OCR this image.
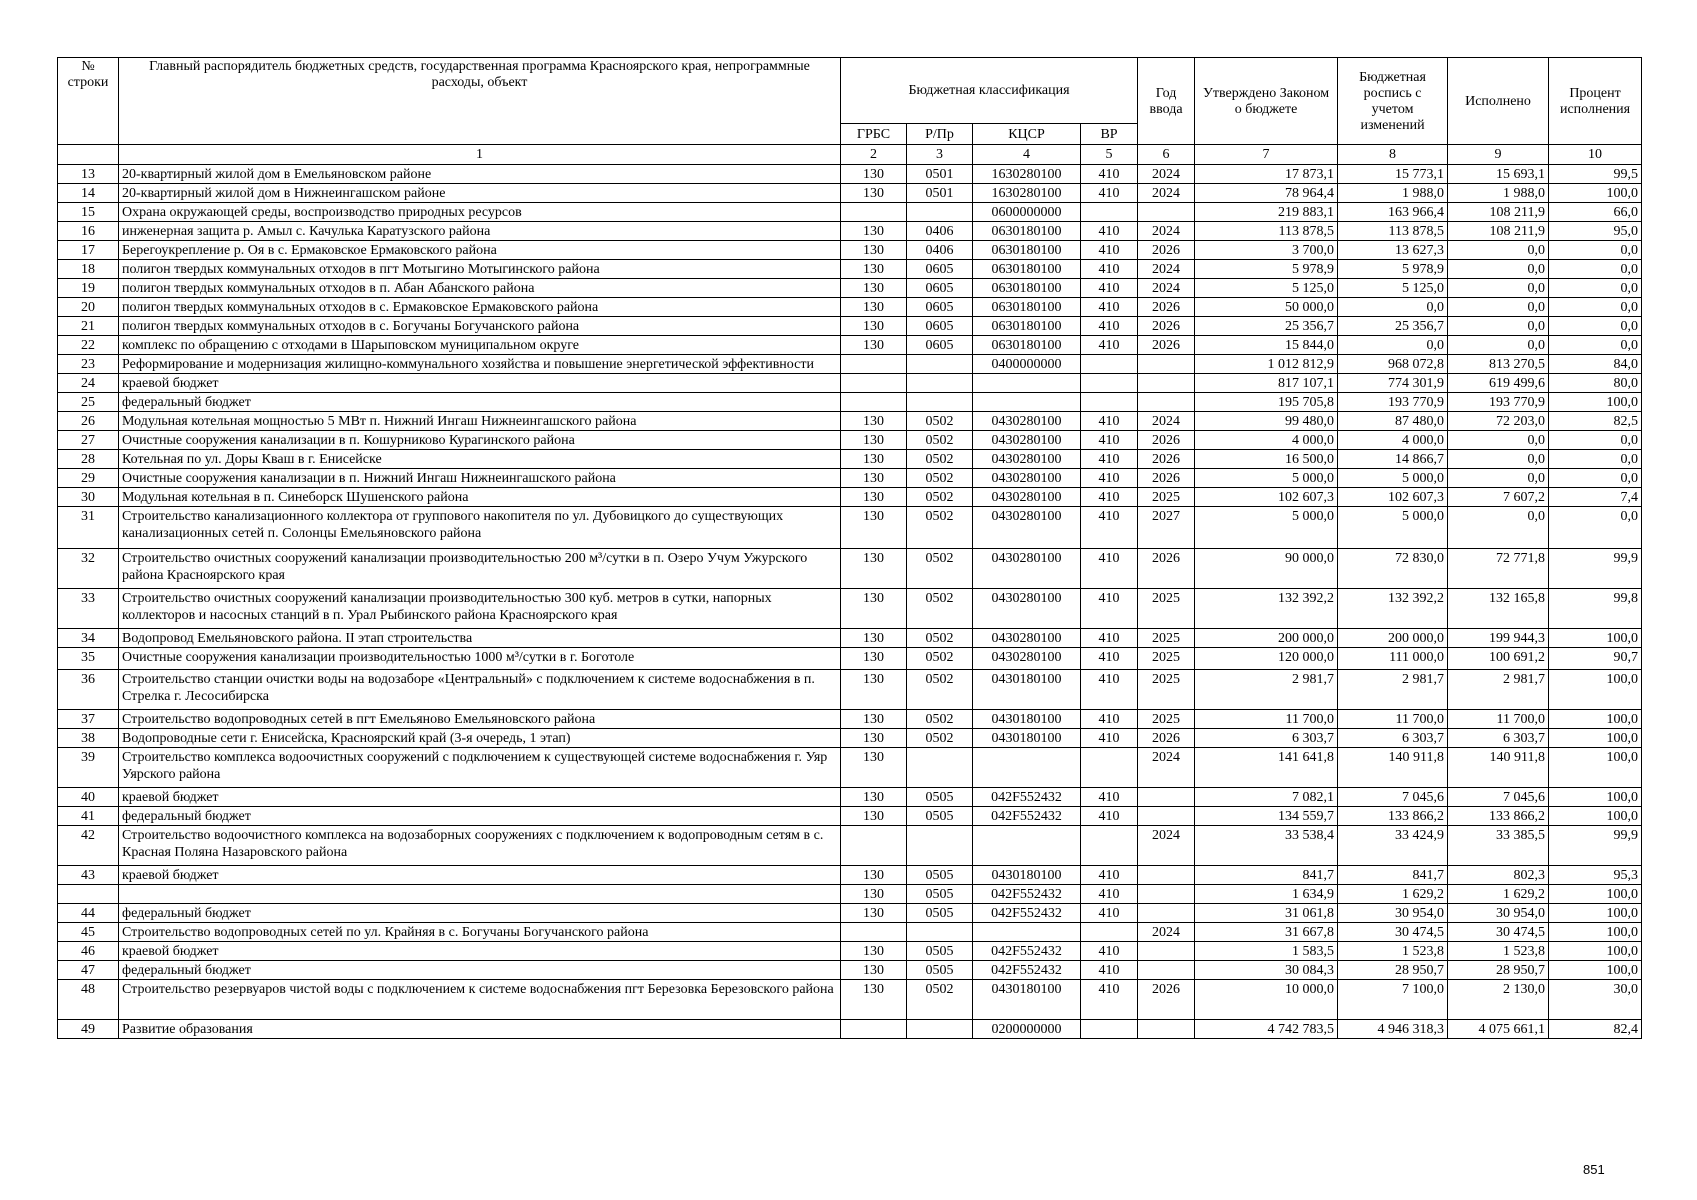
№ строки	Главный распорядитель бюджетных средств, государственная программа Красноярского края, непрограммные расходы, объект	Бюджетная классификация				Год ввода	Утверждено Законом о бюджете	Бюджетная роспись с учетом изменений	Исполнено	Процент исполнения
		ГРБС	Р/Пр	КЦСР	ВР					
	1	2	3	4	5	6	7	8	9	10
13	20-квартирный жилой дом в Емельяновском районе	130	0501	1630280100	410	2024	17 873,1	15 773,1	15 693,1	99,5
14	20-квартирный жилой дом в Нижнеингашском районе	130	0501	1630280100	410	2024	78 964,4	1 988,0	1 988,0	100,0
15	Охрана окружающей среды, воспроизводство природных ресурсов			0600000000			219 883,1	163 966,4	108 211,9	66,0
16	инженерная защита р. Амыл с. Качулька Каратузского района	130	0406	0630180100	410	2024	113 878,5	113 878,5	108 211,9	95,0
17	Берегоукрепление р. Оя в с. Ермаковское Ермаковского района	130	0406	0630180100	410	2026	3 700,0	13 627,3	0,0	0,0
18	полигон твердых коммунальных отходов в пгт Мотыгино Мотыгинского района	130	0605	0630180100	410	2024	5 978,9	5 978,9	0,0	0,0
19	полигон твердых коммунальных отходов в п. Абан Абанского района	130	0605	0630180100	410	2024	5 125,0	5 125,0	0,0	0,0
20	полигон твердых коммунальных отходов в с. Ермаковское Ермаковского района	130	0605	0630180100	410	2026	50 000,0	0,0	0,0	0,0
21	полигон твердых коммунальных отходов в с. Богучаны Богучанского района	130	0605	0630180100	410	2026	25 356,7	25 356,7	0,0	0,0
22	комплекс по обращению с отходами в Шарыповском муниципальном округе	130	0605	0630180100	410	2026	15 844,0	0,0	0,0	0,0
23	Реформирование и модернизация жилищно-коммунального хозяйства и повышение энергетической эффективности			0400000000			1 012 812,9	968 072,8	813 270,5	84,0
24	краевой бюджет						817 107,1	774 301,9	619 499,6	80,0
25	федеральный бюджет						195 705,8	193 770,9	193 770,9	100,0
26	Модульная котельная мощностью 5 МВт п. Нижний Ингаш Нижнеингашского района	130	0502	0430280100	410	2024	99 480,0	87 480,0	72 203,0	82,5
27	Очистные сооружения канализации в п. Кошурниково Курагинского района	130	0502	0430280100	410	2026	4 000,0	4 000,0	0,0	0,0
28	Котельная по ул. Доры Кваш в г. Енисейске	130	0502	0430280100	410	2026	16 500,0	14 866,7	0,0	0,0
29	Очистные сооружения канализации в п. Нижний Ингаш Нижнеингашского района	130	0502	0430280100	410	2026	5 000,0	5 000,0	0,0	0,0
30	Модульная котельная в п. Синеборск Шушенского района	130	0502	0430280100	410	2025	102 607,3	102 607,3	7 607,2	7,4
31	Строительство канализационного коллектора от группового накопителя по ул. Дубовицкого до существующих канализационных сетей п. Солонцы Емельяновского района	130	0502	0430280100	410	2027	5 000,0	5 000,0	0,0	0,0
32	Строительство очистных сооружений канализации производительностью 200 м³/сутки в п. Озеро Учум Ужурского района Красноярского края	130	0502	0430280100	410	2026	90 000,0	72 830,0	72 771,8	99,9
33	Строительство очистных сооружений канализации производительностью 300 куб. метров в сутки, напорных коллекторов и насосных станций в п. Урал Рыбинского района Красноярского края	130	0502	0430280100	410	2025	132 392,2	132 392,2	132 165,8	99,8
34	Водопровод Емельяновского района. II этап строительства	130	0502	0430280100	410	2025	200 000,0	200 000,0	199 944,3	100,0
35	Очистные сооружения канализации производительностью 1000 м³/сутки в г. Боготоле	130	0502	0430280100	410	2025	120 000,0	111 000,0	100 691,2	90,7
36	Строительство станции очистки воды на водозаборе «Центральный» с подключением к системе водоснабжения в п. Стрелка г. Лесосибирска	130	0502	0430180100	410	2025	2 981,7	2 981,7	2 981,7	100,0
37	Строительство водопроводных сетей в пгт Емельяново Емельяновского района	130	0502	0430180100	410	2025	11 700,0	11 700,0	11 700,0	100,0
38	Водопроводные сети г. Енисейска, Красноярский край (3-я очередь, 1 этап)	130	0502	0430180100	410	2026	6 303,7	6 303,7	6 303,7	100,0
39	Строительство комплекса водоочистных сооружений с подключением к существующей системе водоснабжения г. Уяр Уярского района	130				2024	141 641,8	140 911,8	140 911,8	100,0
40	краевой бюджет	130	0505	042F552432	410		7 082,1	7 045,6	7 045,6	100,0
41	федеральный бюджет	130	0505	042F552432	410		134 559,7	133 866,2	133 866,2	100,0
42	Строительство водоочистного комплекса на водозаборных сооружениях с подключением к водопроводным сетям в с. Красная Поляна Назаровского района					2024	33 538,4	33 424,9	33 385,5	99,9
43	краевой бюджет	130	0505	0430180100	410		841,7	841,7	802,3	95,3
		130	0505	042F552432	410		1 634,9	1 629,2	1 629,2	100,0
44	федеральный бюджет	130	0505	042F552432	410		31 061,8	30 954,0	30 954,0	100,0
45	Строительство водопроводных сетей по ул. Крайняя в с. Богучаны Богучанского района					2024	31 667,8	30 474,5	30 474,5	100,0
46	краевой бюджет	130	0505	042F552432	410		1 583,5	1 523,8	1 523,8	100,0
47	федеральный бюджет	130	0505	042F552432	410		30 084,3	28 950,7	28 950,7	100,0
48	Строительство резервуаров чистой воды с подключением к системе водоснабжения пгт Березовка Березовского района	130	0502	0430180100	410	2026	10 000,0	7 100,0	2 130,0	30,0
49	Развитие образования			0200000000			4 742 783,5	4 946 318,3	4 075 661,1	82,4
851
